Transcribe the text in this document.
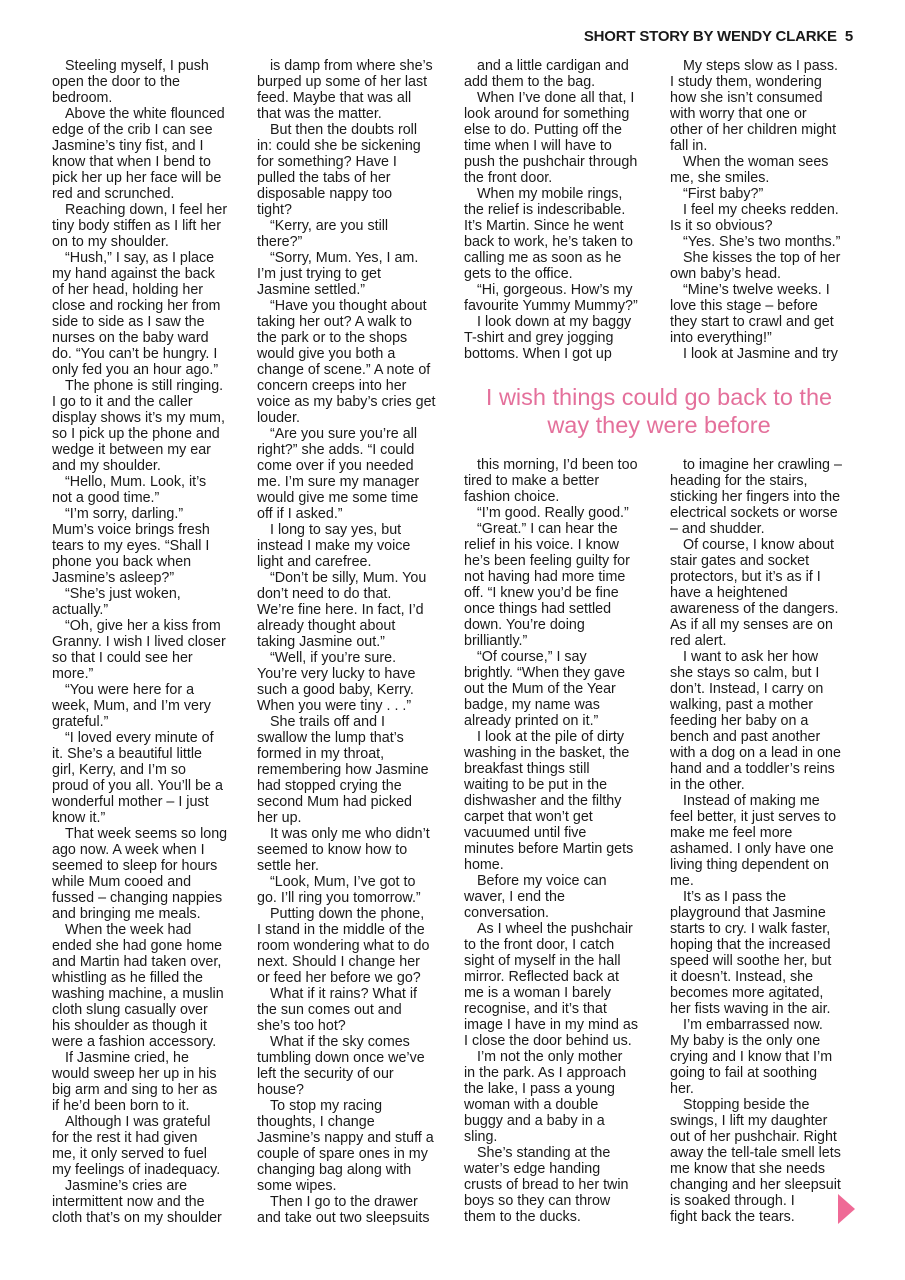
SHORT STORY BY WENDY CLARKE 5

Steeling myself, I push
open the door to the
bedroom.

Above the white flounced
edge of the crib I can see
Jasmine’s tiny fist, and I
know that when I bend to
pick her up her face will be
red and scrunched.

Reaching down, I feel her
tiny body stiffen as I lift her
on to my shoulder.

“Hush,” I say, as I place
my hand against the back
of her head, holding her
close and rocking her from
side to side as I saw the
nurses on the baby ward
do. “You can’t be hungry. I
only fed you an hour ago.”

The phone is still ringing.
I go to it and the caller
display shows it’s my mum,
so I pick up the phone and
wedge it between my ear
and my shoulder.

“Hello, Mum. Look, it’s
not a good time.”

“I’m sorry, darling.”
Mum’s voice brings fresh
tears to my eyes. “Shall I
phone you back when
Jasmine’s asleep?”

“She’s just woken,
actually.”

“Oh, give her a kiss from
Granny. I wish I lived closer
so that I could see her
more.”

“You were here for a
week, Mum, and I’m very
grateful.”

“I loved every minute of
it. She’s a beautiful little
girl, Kerry, and I’m so
proud of you all. You’ll be a
wonderful mother – I just
know it.”

That week seems so long
ago now. A week when I
seemed to sleep for hours
while Mum cooed and
fussed – changing nappies
and bringing me meals.

When the week had
ended she had gone home
and Martin had taken over,
whistling as he filled the
washing machine, a muslin
cloth slung casually over
his shoulder as though it
were a fashion accessory.

If Jasmine cried, he
would sweep her up in his
big arm and sing to her as
if he’d been born to it.

Although I was grateful
for the rest it had given
me, it only served to fuel
my feelings of inadequacy.

Jasmine’s cries are
intermittent now and the
cloth that’s on my shoulder

is damp from where she’s
burped up some of her last
feed. Maybe that was all
that was the matter.

But then the doubts roll
in: could she be sickening
for something? Have I
pulled the tabs of her
disposable nappy too
tight?

“Kerry, are you still
there?”

“Sorry, Mum. Yes, I am.
I’m just trying to get
Jasmine settled.”

“Have you thought about
taking her out? A walk to
the park or to the shops
would give you both a
change of scene.” A note of
concern creeps into her
voice as my baby’s cries get
louder.

“Are you sure you’re all
right?” she adds. “I could
come over if you needed
me. I’m sure my manager
would give me some time
off if I asked.”

I long to say yes, but
instead I make my voice
light and carefree.

“Don’t be silly, Mum. You
don’t need to do that.
We’re fine here. In fact, I’d
already thought about
taking Jasmine out.”

“Well, if you’re sure.
You’re very lucky to have
such a good baby, Kerry.
When you were tiny . . .”

She trails off and I
swallow the lump that’s
formed in my throat,
remembering how Jasmine
had stopped crying the
second Mum had picked
her up.

It was only me who didn’t
seemed to know how to
settle her.

“Look, Mum, I’ve got to
go. I’ll ring you tomorrow.”

Putting down the phone,
I stand in the middle of the
room wondering what to do
next. Should I change her
or feed her before we go?

What if it rains? What if
the sun comes out and
she’s too hot?

What if the sky comes
tumbling down once we’ve
left the security of our
house?

To stop my racing
thoughts, I change
Jasmine’s nappy and stuff a
couple of spare ones in my
changing bag along with
some wipes.

Then I go to the drawer
and take out two sleepsuits

and a little cardigan and
add them to the bag.

When I’ve done all that, I
look around for something
else to do. Putting off the
time when I will have to
push the pushchair through
the front door.

When my mobile rings,
the relief is indescribable.
It’s Martin. Since he went
back to work, he’s taken to
calling me as soon as he
gets to the office.

“Hi, gorgeous. How’s my
favourite Yummy Mummy?”

I look down at my baggy
T-shirt and grey jogging
bottoms. When I got up

My steps slow as I pass.
I study them, wondering
how she isn’t consumed
with worry that one or
other of her children might
fall in.

When the woman sees
me, she smiles.

“First baby?”

I feel my cheeks redden.
Is it so obvious?

“Yes. She’s two months.”

She kisses the top of her
own baby’s head.

“Mine’s twelve weeks. I
love this stage – before
they start to crawl and get
into everything!”

I look at Jasmine and try

I wish things could go back to the
way they were before

this morning, I’d been too
tired to make a better
fashion choice.

“I’m good. Really good.”

“Great.” I can hear the
relief in his voice. I know
he’s been feeling guilty for
not having had more time
off. “I knew you’d be fine
once things had settled
down. You’re doing
brilliantly.”

“Of course,” I say
brightly. “When they gave
out the Mum of the Year
badge, my name was
already printed on it.”

I look at the pile of dirty
washing in the basket, the
breakfast things still
waiting to be put in the
dishwasher and the filthy
carpet that won’t get
vacuumed until five
minutes before Martin gets
home.

Before my voice can
waver, I end the
conversation.

As I wheel the pushchair
to the front door, I catch
sight of myself in the hall
mirror. Reflected back at
me is a woman I barely
recognise, and it’s that
image I have in my mind as
I close the door behind us.

I’m not the only mother
in the park. As I approach
the lake, I pass a young
woman with a double
buggy and a baby in a
sling.

She’s standing at the
water’s edge handing
crusts of bread to her twin
boys so they can throw
them to the ducks.

to imagine her crawling –
heading for the stairs,
sticking her fingers into the
electrical sockets or worse
– and shudder.

Of course, I know about
stair gates and socket
protectors, but it’s as if I
have a heightened
awareness of the dangers.
As if all my senses are on
red alert.

I want to ask her how
she stays so calm, but I
don’t. Instead, I carry on
walking, past a mother
feeding her baby on a
bench and past another
with a dog on a lead in one
hand and a toddler’s reins
in the other.

Instead of making me
feel better, it just serves to
make me feel more
ashamed. I only have one
living thing dependent on
me.

It’s as I pass the
playground that Jasmine
starts to cry. I walk faster,
hoping that the increased
speed will soothe her, but
it doesn’t. Instead, she
becomes more agitated,
her fists waving in the air.

I’m embarrassed now.
My baby is the only one
crying and I know that I’m
going to fail at soothing
her.

Stopping beside the
swings, I lift my daughter
out of her pushchair. Right
away the tell-tale smell lets
me know that she needs
changing and her sleepsuit
is soaked through. I
fight back the tears.
